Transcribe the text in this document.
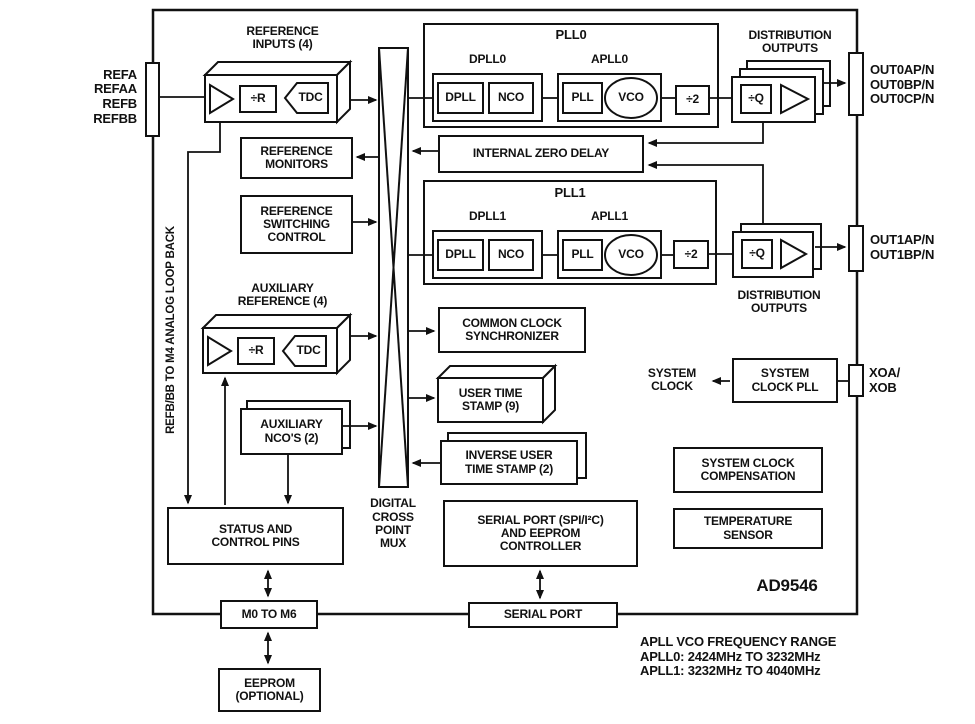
REFA
REFAA
REFB
REFBB
OUT0AP/N
OUT0BP/N
OUT0CP/N
OUT1AP/N
OUT1BP/N
XOA/
XOB
REFERENCE
INPUTS (4)
DISTRIBUTION
OUTPUTS
DISTRIBUTION
OUTPUTS
AUXILIARY
REFERENCE (4)
DIGITAL
CROSS
POINT
MUX
REFB/BB TO M4 ANALOG LOOP BACK	SYSTEM
CLOCK
÷R	TDC
÷R	TDC
PLL0
DPLL0	APLL0
DPLL NCO	PLL	VCO	÷2
INTERNAL ZERO DELAY
PLL1
DPLL1	APLL1
DPLL NCO	PLL	VCO	÷2
÷Q
÷Q
REFERENCE
MONITORS
REFERENCE
SWITCHING
CONTROL
AUXILIARY
NCO'S (2)
COMMON CLOCK
SYNCHRONIZER
USER TIME
STAMP (9)
INVERSE USER
TIME STAMP (2)
SERIAL PORT (SPI/I²C)
AND EEPROM
CONTROLLER
SYSTEM
CLOCK PLL
SYSTEM CLOCK
COMPENSATION
TEMPERATURE
SENSOR
STATUS AND
CONTROL PINS
M0 TO M6	SERIAL PORT
EEPROM
(OPTIONAL)
AD9546
APLL VCO FREQUENCY RANGE
APLL0: 2424MHz TO 3232MHz
APLL1: 3232MHz TO 4040MHz
